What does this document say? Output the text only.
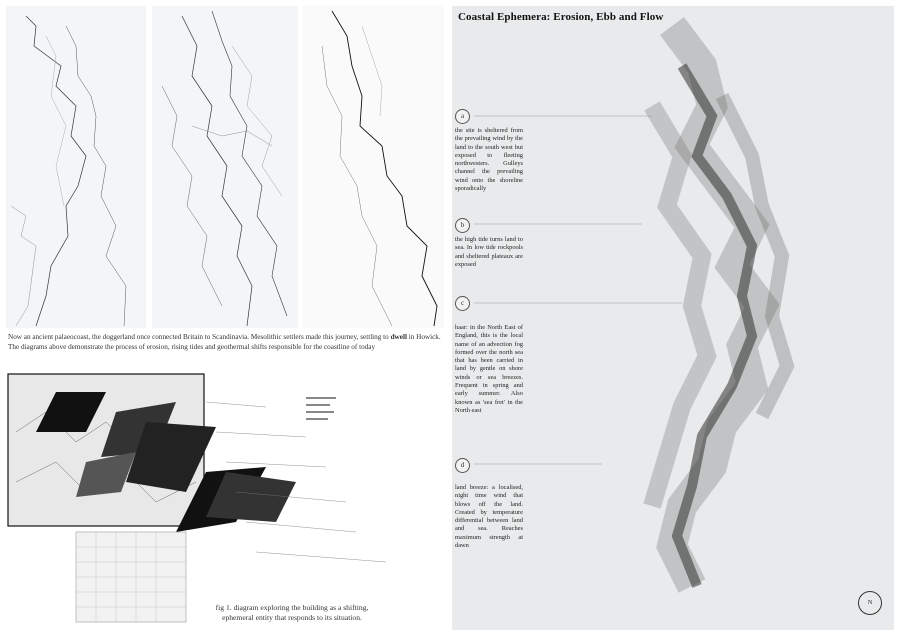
Now an ancient palaeocoast, the doggerland once connected Britain to Scandinavia. Mesolithic settlers made this journey, settling to dwell in Howick. The diagrams above demonstrate the process of erosion, rising tides and geothermal shifts responsible for the coastline of today
fig 1. diagram exploring the building as a shifting, ephemeral entity that responds to its situation.
Coastal Ephemera: Erosion, Ebb and Flow
a
the site is sheltered from the prevailing wind by the land to the south west but exposed to fleeting northwesters. Gulleys channel the prevailing wind onto the shoreline sporadically
b
the high tide turns land to sea. In low tide rockpools and sheltered plateaux are exposed
c
haar: in the North East of England, this is the local name of an advection fog formed over the north sea that has been carried in land by gentle on shore winds or sea breezes. Frequent in spring and early summer. Also known as 'sea fret' in the North east
d
land breeze: a localised, night time wind that blows off the land. Created by temperature differential between land and sea. Reaches maximum strength at dawn
N
